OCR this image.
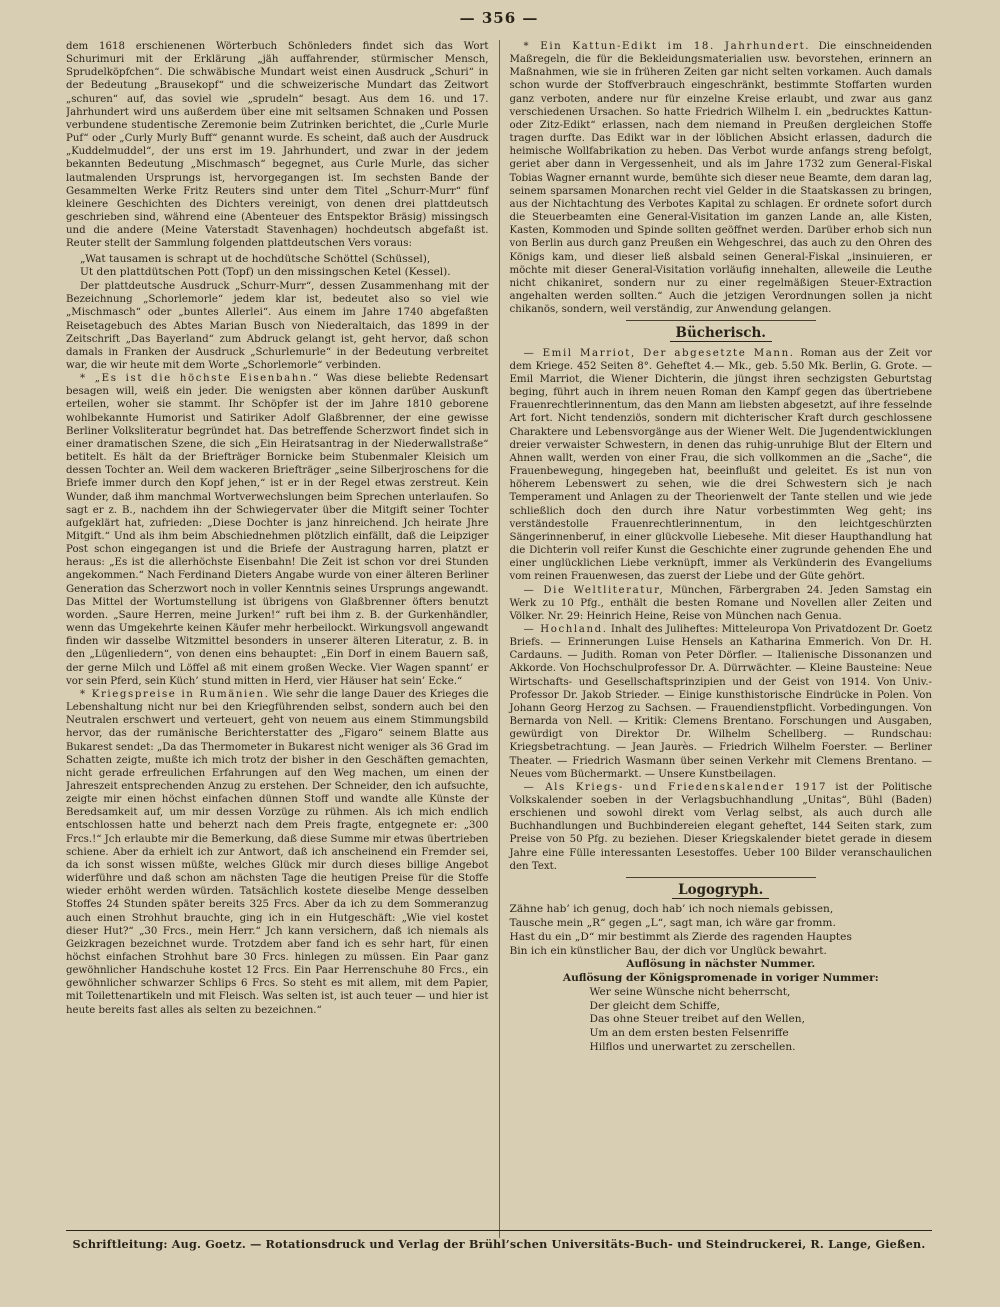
— 356 —

dem 1618 erschienenen Wörterbuch Schönleders findet sich das Wort Schurimuri mit der Erklärung „jäh auffahrender, stürmischer Mensch, Sprudelköpfchen“. Die schwäbische Mundart weist einen Ausdruck „Schuri“ in der Bedeutung „Brausekopf“ und die schweizerische Mundart das Zeitwort „schuren“ auf, das soviel wie „sprudeln“ besagt. Aus dem 16. und 17. Jahrhundert wird uns außerdem über eine mit seltsamen Schnaken und Possen verbundene studentische Zeremonie beim Zutrinken berichtet, die „Curle Murle Puf“ oder „Curly Murly Buff“ genannt wurde. Es scheint, daß auch der Ausdruck „Kuddelmuddel“, der uns erst im 19. Jahrhundert, und zwar in der jedem bekannten Bedeutung „Mischmasch“ begegnet, aus Curle Murle, das sicher lautmalenden Ursprungs ist, hervorgegangen ist. Im sechsten Bande der Gesammelten Werke Fritz Reuters sind unter dem Titel „Schurr-Murr“ fünf kleinere Geschichten des Dichters vereinigt, von denen drei plattdeutsch geschrieben sind, während eine (Abenteuer des Entspektor Bräsig) missingsch und die andere (Meine Vaterstadt Stavenhagen) hochdeutsch abgefaßt ist. Reuter stellt der Sammlung folgenden plattdeutschen Vers voraus:

„Wat tausamen is schrapt ut de hochdütsche Schöttel (Schüssel),
Ut den plattdütschen Pott (Topf) un den missingschen Ketel (Kessel).

Der plattdeutsche Ausdruck „Schurr-Murr“, dessen Zusammenhang mit der Bezeichnung „Schorlemorle“ jedem klar ist, bedeutet also so viel wie „Mischmasch“ oder „buntes Allerlei“. Aus einem im Jahre 1740 abgefaßten Reisetagebuch des Abtes Marian Busch von Niederaltaich, das 1899 in der Zeitschrift „Das Bayerland“ zum Abdruck gelangt ist, geht hervor, daß schon damals in Franken der Ausdruck „Schurlemurle“ in der Bedeutung verbreitet war, die wir heute mit dem Worte „Schorlemorle“ verbinden.

* „Es ist die höchste Eisenbahn.“ Was diese beliebte Redensart besagen will, weiß ein jeder. Die wenigsten aber können darüber Auskunft erteilen, woher sie stammt. Ihr Schöpfer ist der im Jahre 1810 geborene wohlbekannte Humorist und Satiriker Adolf Glaßbrenner, der eine gewisse Berliner Volksliteratur begründet hat. Das betreffende Scherzwort findet sich in einer dramatischen Szene, die sich „Ein Heiratsantrag in der Niederwallstraße“ betitelt. Es hält da der Briefträger Bornicke beim Stubenmaler Kleisich um dessen Tochter an. Weil dem wackeren Briefträger „seine Silberjroschens for die Briefe immer durch den Kopf jehen,“ ist er in der Regel etwas zerstreut. Kein Wunder, daß ihm manchmal Wortverwechslungen beim Sprechen unterlaufen. So sagt er z. B., nachdem ihn der Schwiegervater über die Mitgift seiner Tochter aufgeklärt hat, zufrieden: „Diese Dochter is janz hinreichend. Jch heirate Jhre Mitgift.“ Und als ihm beim Abschiednehmen plötzlich einfällt, daß die Leipziger Post schon eingegangen ist und die Briefe der Austragung harren, platzt er heraus: „Es ist die allerhöchste Eisenbahn! Die Zeit ist schon vor drei Stunden angekommen.“ Nach Ferdinand Dieters Angabe wurde von einer älteren Berliner Generation das Scherzwort noch in voller Kenntnis seines Ursprungs angewandt. Das Mittel der Wortumstellung ist übrigens von Glaßbrenner öfters benutzt worden. „Saure Herren, meine Jurken!“ ruft bei ihm z. B. der Gurkenhändler, wenn das Umgekehrte keinen Käufer mehr herbeilockt. Wirkungsvoll angewandt finden wir dasselbe Witzmittel besonders in unserer älteren Literatur, z. B. in den „Lügenliedern“, von denen eins behauptet: „Ein Dorf in einem Bauern saß, der gerne Milch und Löffel aß mit einem großen Wecke. Vier Wagen spannt’ er vor sein Pferd, sein Küch’ stund mitten in Herd, vier Häuser hat sein’ Ecke.“

* Kriegspreise in Rumänien. Wie sehr die lange Dauer des Krieges die Lebenshaltung nicht nur bei den Kriegführenden selbst, sondern auch bei den Neutralen erschwert und verteuert, geht von neuem aus einem Stimmungsbild hervor, das der rumänische Berichterstatter des „Figaro“ seinem Blatte aus Bukarest sendet: „Da das Thermometer in Bukarest nicht weniger als 36 Grad im Schatten zeigte, mußte ich mich trotz der bisher in den Geschäften gemachten, nicht gerade erfreulichen Erfahrungen auf den Weg machen, um einen der Jahreszeit entsprechenden Anzug zu erstehen. Der Schneider, den ich aufsuchte, zeigte mir einen höchst einfachen dünnen Stoff und wandte alle Künste der Beredsamkeit auf, um mir dessen Vorzüge zu rühmen. Als ich mich endlich entschlossen hatte und beherzt nach dem Preis fragte, entgegnete er: „300 Frcs.!“ Jch erlaubte mir die Bemerkung, daß diese Summe mir etwas übertrieben schiene. Aber da erhielt ich zur Antwort, daß ich anscheinend ein Fremder sei, da ich sonst wissen müßte, welches Glück mir durch dieses billige Angebot widerführe und daß schon am nächsten Tage die heutigen Preise für die Stoffe wieder erhöht werden würden. Tatsächlich kostete dieselbe Menge desselben Stoffes 24 Stunden später bereits 325 Frcs. Aber da ich zu dem Sommeranzug auch einen Strohhut brauchte, ging ich in ein Hutgeschäft: „Wie viel kostet dieser Hut?“ „30 Frcs., mein Herr.“ Jch kann versichern, daß ich niemals als Geizkragen bezeichnet wurde. Trotzdem aber fand ich es sehr hart, für einen höchst einfachen Strohhut bare 30 Frcs. hinlegen zu müssen. Ein Paar ganz gewöhnlicher Handschuhe kostet 12 Frcs. Ein Paar Herrenschuhe 80 Frcs., ein gewöhnlicher schwarzer Schlips 6 Frcs. So steht es mit allem, mit dem Papier, mit Toilettenartikeln und mit Fleisch. Was selten ist, ist auch teuer — und hier ist heute bereits fast alles als selten zu bezeichnen.“

* Ein Kattun-Edikt im 18. Jahrhundert. Die einschneidenden Maßregeln, die für die Bekleidungsmaterialien usw. bevorstehen, erinnern an Maßnahmen, wie sie in früheren Zeiten gar nicht selten vorkamen. Auch damals schon wurde der Stoffverbrauch eingeschränkt, bestimmte Stoffarten wurden ganz verboten, andere nur für einzelne Kreise erlaubt, und zwar aus ganz verschiedenen Ursachen. So hatte Friedrich Wilhelm I. ein „bedrucktes Kattun- oder Zitz-Edikt“ erlassen, nach dem niemand in Preußen dergleichen Stoffe tragen durfte. Das Edikt war in der löblichen Absicht erlassen, dadurch die heimische Wollfabrikation zu heben. Das Verbot wurde anfangs streng befolgt, geriet aber dann in Vergessenheit, und als im Jahre 1732 zum General-Fiskal Tobias Wagner ernannt wurde, bemühte sich dieser neue Beamte, dem daran lag, seinem sparsamen Monarchen recht viel Gelder in die Staatskassen zu bringen, aus der Nichtachtung des Verbotes Kapital zu schlagen. Er ordnete sofort durch die Steuerbeamten eine General-Visitation im ganzen Lande an, alle Kisten, Kasten, Kommoden und Spinde sollten geöffnet werden. Darüber erhob sich nun von Berlin aus durch ganz Preußen ein Wehgeschrei, das auch zu den Ohren des Königs kam, und dieser ließ alsbald seinen General-Fiskal „insinuieren, er möchte mit dieser General-Visitation vorläufig innehalten, alleweile die Leuthe nicht chikaniret, sondern nur zu einer regelmäßigen Steuer-Extraction angehalten werden sollten.“ Auch die jetzigen Verordnungen sollen ja nicht chikanös, sondern, weil verständig, zur Anwendung gelangen.

Bücherisch.

— Emil Marriot, Der abgesetzte Mann. Roman aus der Zeit vor dem Kriege. 452 Seiten 8°. Geheftet 4.— Mk., geb. 5.50 Mk. Berlin, G. Grote. — Emil Marriot, die Wiener Dichterin, die jüngst ihren sechzigsten Geburtstag beging, führt auch in ihrem neuen Roman den Kampf gegen das übertriebene Frauenrechtlerinnentum, das den Mann am liebsten abgesetzt, auf ihre fesselnde Art fort. Nicht tendenziös, sondern mit dichterischer Kraft durch geschlossene Charaktere und Lebensvorgänge aus der Wiener Welt. Die Jugendentwicklungen dreier verwaister Schwestern, in denen das ruhig-unruhige Blut der Eltern und Ahnen wallt, werden von einer Frau, die sich vollkommen an die „Sache“, die Frauenbewegung, hingegeben hat, beeinflußt und geleitet. Es ist nun von höherem Lebenswert zu sehen, wie die drei Schwestern sich je nach Temperament und Anlagen zu der Theorienwelt der Tante stellen und wie jede schließlich doch den durch ihre Natur vorbestimmten Weg geht; ins verständestolle Frauenrechtlerinnentum, in den leichtgeschürzten Sängerinnenberuf, in einer glückvolle Liebesehe. Mit dieser Haupthandlung hat die Dichterin voll reifer Kunst die Geschichte einer zugrunde gehenden Ehe und einer unglücklichen Liebe verknüpft, immer als Verkünderin des Evangeliums vom reinen Frauenwesen, das zuerst der Liebe und der Güte gehört.

— Die Weltliteratur, München, Färbergraben 24. Jeden Samstag ein Werk zu 10 Pfg., enthält die besten Romane und Novellen aller Zeiten und Völker. Nr. 29: Heinrich Heine, Reise von München nach Genua.

— Hochland. Inhalt des Juliheftes: Mitteleuropa Von Privatdozent Dr. Goetz Briefs. — Erinnerungen Luise Hensels an Katharina Emmerich. Von Dr. H. Cardauns. — Judith. Roman von Peter Dörfler. — Italienische Dissonanzen und Akkorde. Von Hochschulprofessor Dr. A. Dürrwächter. — Kleine Bausteine: Neue Wirtschafts- und Gesellschaftsprinzipien und der Geist von 1914. Von Univ.-Professor Dr. Jakob Strieder. — Einige kunsthistorische Eindrücke in Polen. Von Johann Georg Herzog zu Sachsen. — Frauendienstpflicht. Vorbedingungen. Von Bernarda von Nell. — Kritik: Clemens Brentano. Forschungen und Ausgaben, gewürdigt von Direktor Dr. Wilhelm Schellberg. — Rundschau: Kriegsbetrachtung. — Jean Jaurès. — Friedrich Wilhelm Foerster. — Berliner Theater. — Friedrich Wasmann über seinen Verkehr mit Clemens Brentano. — Neues vom Büchermarkt. — Unsere Kunstbeilagen.

— Als Kriegs- und Friedenskalender 1917 ist der Politische Volkskalender soeben in der Verlagsbuchhandlung „Unitas“, Bühl (Baden) erschienen und sowohl direkt vom Verlag selbst, als auch durch alle Buchhandlungen und Buchbindereien elegant geheftet, 144 Seiten stark, zum Preise von 50 Pfg. zu beziehen. Dieser Kriegskalender bietet gerade in diesem Jahre eine Fülle interessanten Lesestoffes. Ueber 100 Bilder veranschaulichen den Text.

Logogryph.
Zähne hab’ ich genug, doch hab’ ich noch niemals gebissen,
Tausche mein „R“ gegen „L“, sagt man, ich wäre gar fromm.
Hast du ein „D“ mir bestimmt als Zierde des ragenden Hauptes
Bin ich ein künstlicher Bau, der dich vor Unglück bewahrt.
Auflösung in nächster Nummer.
Auflösung der Königspromenade in voriger Nummer:
Wer seine Wünsche nicht beherrscht,
Der gleicht dem Schiffe,
Das ohne Steuer treibet auf den Wellen,
Um an dem ersten besten Felsenriffe
Hilflos und unerwartet zu zerschellen.
Schriftleitung: Aug. Goetz. — Rotationsdruck und Verlag der Brühl’schen Universitäts-Buch- und Steindruckerei, R. Lange, Gießen.
